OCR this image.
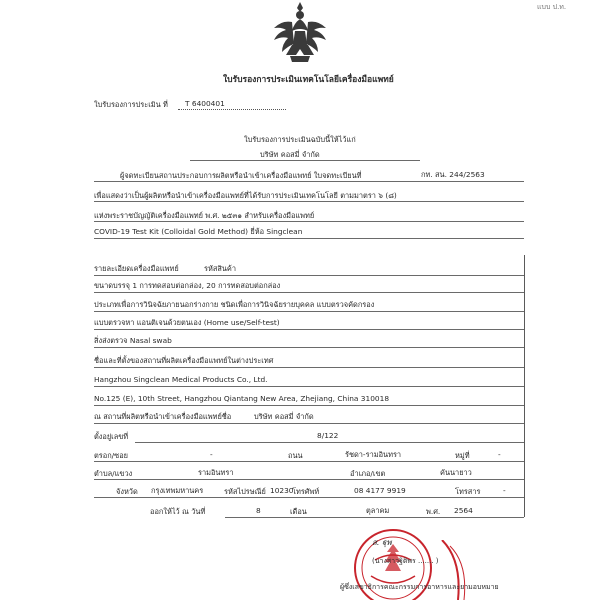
แบบ ป.ท.
ใบรับรองการประเมินเทคโนโลยีเครื่องมือแพทย์
ใบรับรองการประเมิน ที่ T 6400401
ใบรับรองการประเมินฉบับนี้ให้ไว้แก่
บริษัท คอสมี่ จำกัด
ผู้จดทะเบียนสถานประกอบการผลิตหรือนำเข้าเครื่องมือแพทย์ ใบจดทะเบียนที่	กท. สน. 244/2563
เพื่อแสดงว่าเป็นผู้ผลิตหรือนำเข้าเครื่องมือแพทย์ที่ได้รับการประเมินเทคโนโลยี ตามมาตรา ๖ (๘)
แห่งพระราชบัญญัติเครื่องมือแพทย์ พ.ศ. ๒๕๓๑ สำหรับเครื่องมือแพทย์
COVID-19 Test Kit (Colloidal Gold Method) ยี่ห้อ Singclean
รายละเอียดเครื่องมือแพทย์	รหัสสินค้า
ขนาดบรรจุ 1 การทดสอบต่อกล่อง, 20 การทดสอบต่อกล่อง
ประเภทเพื่อการวินิจฉัยภายนอกร่างกาย ชนิดเพื่อการวินิจฉัยรายบุคคล แบบตรวจคัดกรอง
แบบตรวจหา แอนติเจนด้วยตนเอง (Home use/Self-test)
สิ่งส่งตรวจ Nasal swab
ชื่อและที่ตั้งของสถานที่ผลิตเครื่องมือแพทย์ในต่างประเทศ
Hangzhou Singclean Medical Products Co., Ltd.
No.125 (E), 10th Street, Hangzhou Qiantang New Area, Zhejiang, China 310018
ณ สถานที่ผลิตหรือนำเข้าเครื่องมือแพทย์ชื่อ	บริษัท คอสมี่ จำกัด
ตั้งอยู่เลขที่	8/122
ตรอก/ซอย	-	ถนน	รัชดา-รามอินทรา	หมู่ที่	-
ตำบล/แขวง	รามอินทรา	อำเภอ/เขต	คันนายาว
จังหวัด กรุงเทพมหานคร	รหัสไปรษณีย์ 10230
โทรศัพท์	08 4177 9919	โทรสาร	-
ออกให้ไว้ ณ วันที่	8	เดือน	ตุลาคม	พ.ศ. 2564
ส. ฐุพ
(นางสาวฐิติพร ....... )
ผู้ซึ่งเลขาธิการคณะกรรมการอาหารและยามอบหมาย
